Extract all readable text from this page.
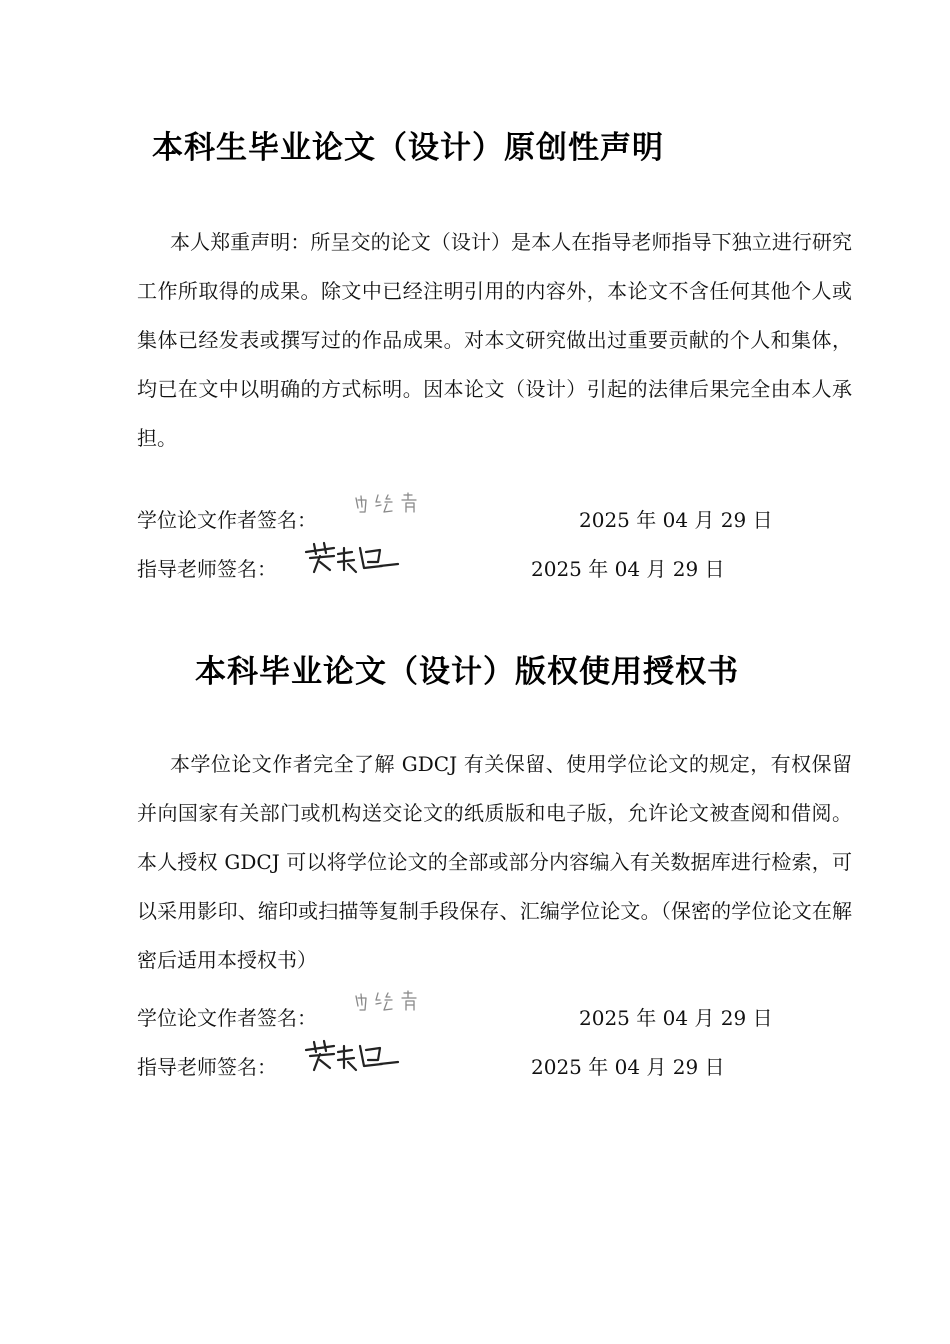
本科生毕业论文（设计）原创性声明
本人郑重声明：所呈交的论文（设计）是本人在指导老师指导下独立进行研究工作所取得的成果。除文中已经注明引用的内容外，本论文不含任何其他个人或集体已经发表或撰写过的作品成果。对本文研究做出过重要贡献的个人和集体，均已在文中以明确的方式标明。因本论文（设计）引起的法律后果完全由本人承担。
学位论文作者签名：	2025 年 04 月 29 日
指导老师签名：	2025 年 04 月 29 日
本科毕业论文（设计）版权使用授权书
本学位论文作者完全了解 GDCJ 有关保留、使用学位论文的规定，有权保留并向国家有关部门或机构送交论文的纸质版和电子版，允许论文被查阅和借阅。本人授权 GDCJ 可以将学位论文的全部或部分内容编入有关数据库进行检索，可以采用影印、缩印或扫描等复制手段保存、汇编学位论文。（保密的学位论文在解密后适用本授权书）
学位论文作者签名：	2025 年 04 月 29 日
指导老师签名：	2025 年 04 月 29 日
